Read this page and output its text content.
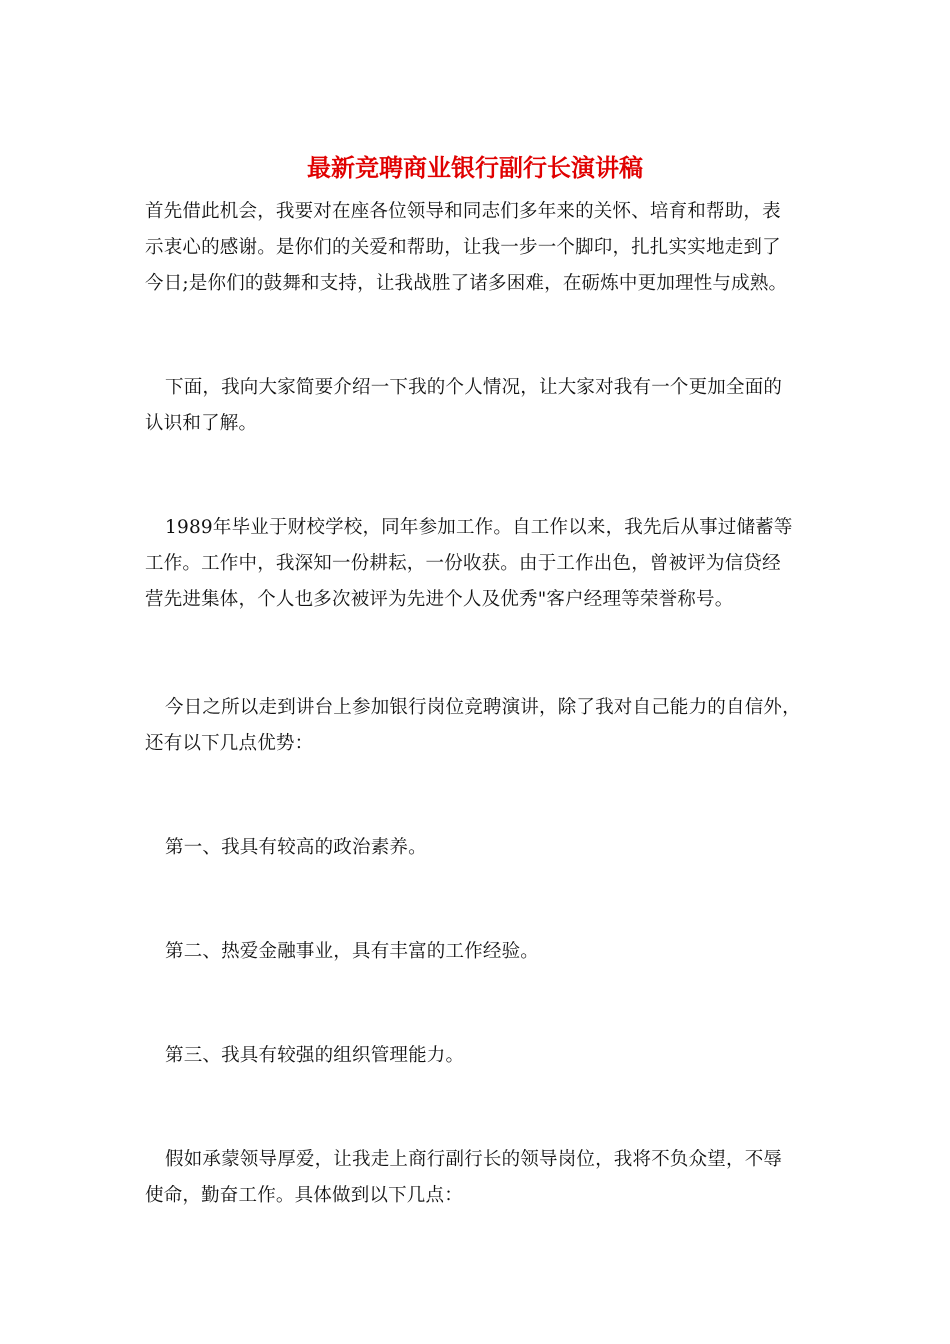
最新竞聘商业银行副行长演讲稿
首先借此机会，我要对在座各位领导和同志们多年来的关怀、培育和帮助，表
示衷心的感谢。是你们的关爱和帮助，让我一步一个脚印，扎扎实实地走到了
今日;是你们的鼓舞和支持，让我战胜了诸多困难，在砺炼中更加理性与成熟。
下面，我向大家简要介绍一下我的个人情况，让大家对我有一个更加全面的
认识和了解。
1989年毕业于财校学校，同年参加工作。自工作以来，我先后从事过储蓄等
工作。工作中，我深知一份耕耘，一份收获。由于工作出色，曾被评为信贷经
营先进集体，个人也多次被评为先进个人及优秀"客户经理等荣誉称号。
今日之所以走到讲台上参加银行岗位竞聘演讲，除了我对自己能力的自信外，
还有以下几点优势：
第一、我具有较高的政治素养。
第二、热爱金融事业，具有丰富的工作经验。
第三、我具有较强的组织管理能力。
假如承蒙领导厚爱，让我走上商行副行长的领导岗位，我将不负众望，不辱
使命，勤奋工作。具体做到以下几点：
